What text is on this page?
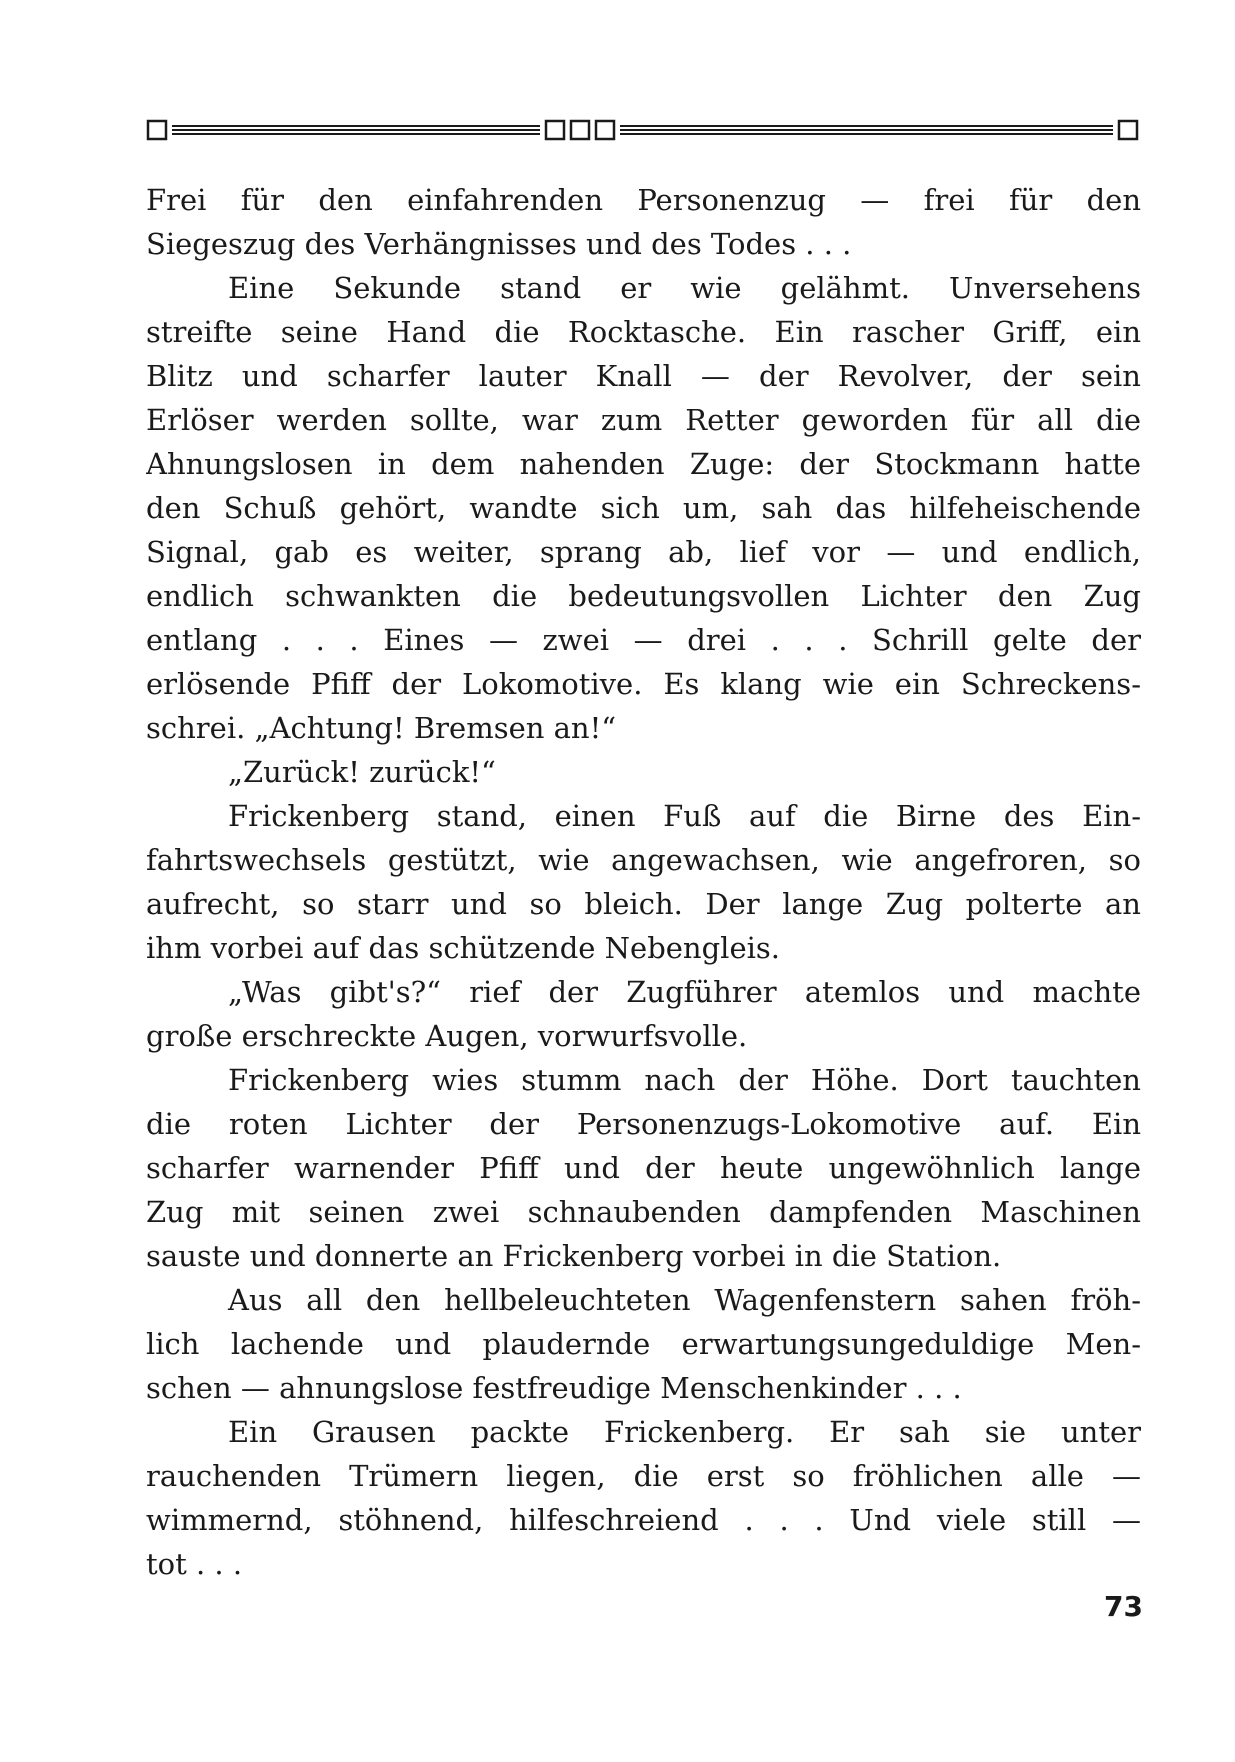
Frei für den einfahrenden Personenzug — frei für den
Siegeszug des Verhängnisses und des Todes . . .
Eine Sekunde stand er wie gelähmt. Unversehens
streifte seine Hand die Rocktasche. Ein rascher Griff, ein
Blitz und scharfer lauter Knall — der Revolver, der sein
Erlöser werden sollte, war zum Retter geworden für all die
Ahnungslosen in dem nahenden Zuge: der Stockmann hatte
den Schuß gehört, wandte sich um, sah das hilfeheischende
Signal, gab es weiter, sprang ab, lief vor — und endlich,
endlich schwankten die bedeutungsvollen Lichter den Zug
entlang . . . Eines — zwei — drei . . . Schrill gelte der
erlösende Pfiff der Lokomotive. Es klang wie ein Schreckens-
schrei. „Achtung! Bremsen an!“
„Zurück! zurück!“
Frickenberg stand, einen Fuß auf die Birne des Ein-
fahrtswechsels gestützt, wie angewachsen, wie angefroren, so
aufrecht, so starr und so bleich. Der lange Zug polterte an
ihm vorbei auf das schützende Nebengleis.
„Was gibt's?“ rief der Zugführer atemlos und machte
große erschreckte Augen, vorwurfsvolle.
Frickenberg wies stumm nach der Höhe. Dort tauchten
die roten Lichter der Personenzugs-Lokomotive auf. Ein
scharfer warnender Pfiff und der heute ungewöhnlich lange
Zug mit seinen zwei schnaubenden dampfenden Maschinen
sauste und donnerte an Frickenberg vorbei in die Station.
Aus all den hellbeleuchteten Wagenfenstern sahen fröh-
lich lachende und plaudernde erwartungsungeduldige Men-
schen — ahnungslose festfreudige Menschenkinder . . .
Ein Grausen packte Frickenberg. Er sah sie unter
rauchenden Trümern liegen, die erst so fröhlichen alle —
wimmernd, stöhnend, hilfeschreiend . . . Und viele still —
tot . . .
73
